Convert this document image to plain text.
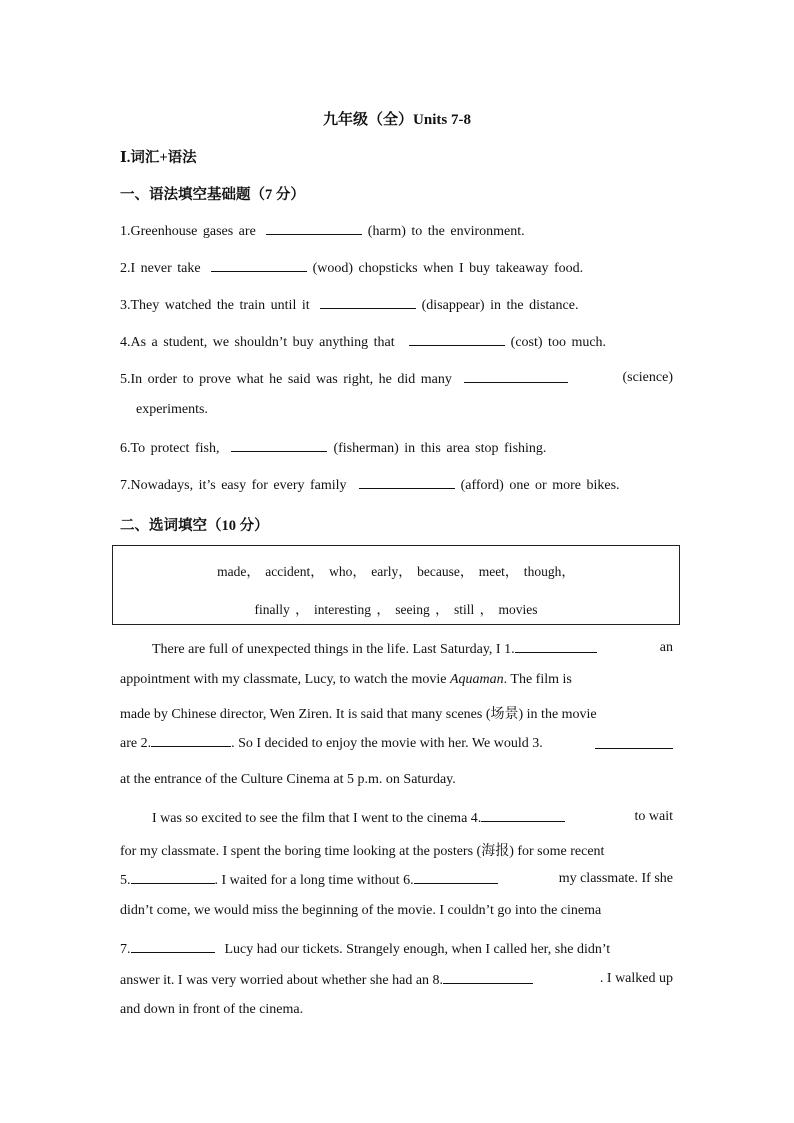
九年级（全）Units 7-8
Ⅰ.词汇+语法
一、语法填空基础题（7 分）
1.Greenhouse gases are	(harm) to the environment.
2.I never take	(wood) chopsticks when I buy takeaway food.
3.They watched the train until it	(disappear) in the distance.
4.As a student, we shouldn’t buy anything that	(cost) too much.
5.In order to prove what he said was right, he did many	(science)
experiments.
6.To protect fish,	(fisherman) in this area stop fishing.
7.Nowadays, it’s easy for every family	(afford) one or more bikes.
二、选词填空（10 分）
made， accident， who， early， because， meet， though，
finally ， interesting ， seeing ， still ， movies
There are full of unexpected things in the life. Last Saturday, I 1.	an
appointment with my classmate, Lucy, to watch the movie Aquaman. The film is
made by Chinese director, Wen Ziren. It is said that many scenes (场景) in the movie
are 2.	. So I decided to enjoy the movie with her. We would 3.
at the entrance of the Culture Cinema at 5 p.m. on Saturday.
I was so excited to see the film that I went to the cinema 4.	to wait
for my classmate. I spent the boring time looking at the posters (海报) for some recent
5.	. I waited for a long time without 6.	my classmate. If she
didn’t come, we would miss the beginning of the movie. I couldn’t go into the cinema
7.	Lucy had our tickets. Strangely enough, when I called her, she didn’t
answer it. I was very worried about whether she had an 8.	. I walked up
and down in front of the cinema.
